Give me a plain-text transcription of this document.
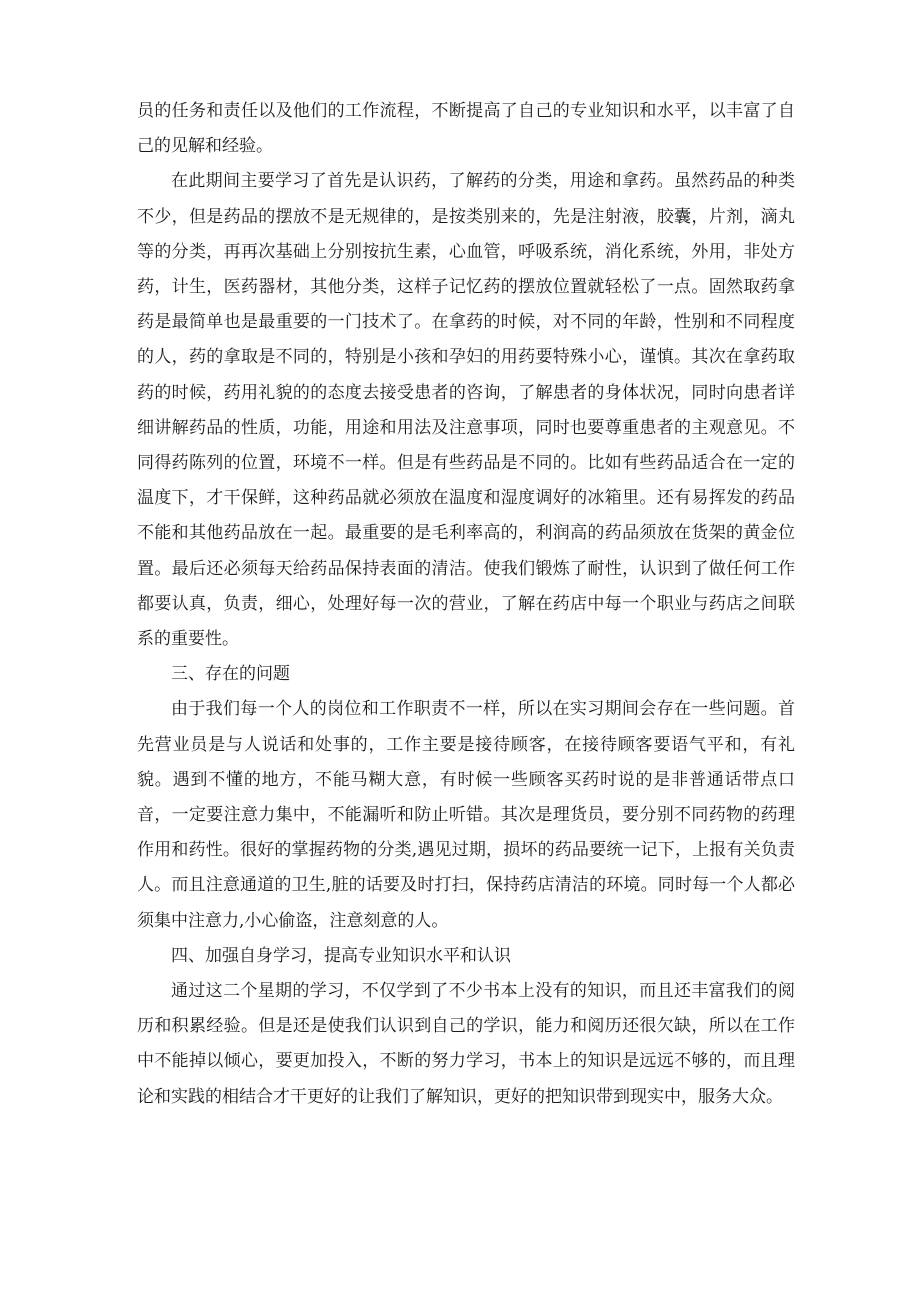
员的任务和责任以及他们的工作流程，不断提高了自己的专业知识和水平，以丰富了自己的见解和经验。

在此期间主要学习了首先是认识药，了解药的分类，用途和拿药。虽然药品的种类不少，但是药品的摆放不是无规律的，是按类别来的，先是注射液，胶囊，片剂，滴丸等的分类，再再次基础上分别按抗生素，心血管，呼吸系统，消化系统，外用，非处方药，计生，医药器材，其他分类，这样子记忆药的摆放位置就轻松了一点。固然取药拿药是最简单也是最重要的一门技术了。在拿药的时候，对不同的年龄，性别和不同程度的人，药的拿取是不同的，特别是小孩和孕妇的用药要特殊小心，谨慎。其次在拿药取药的时候，药用礼貌的的态度去接受患者的咨询，了解患者的身体状况，同时向患者详细讲解药品的性质，功能，用途和用法及注意事项，同时也要尊重患者的主观意见。不同得药陈列的位置，环境不一样。但是有些药品是不同的。比如有些药品适合在一定的温度下，才干保鲜，这种药品就必须放在温度和湿度调好的冰箱里。还有易挥发的药品不能和其他药品放在一起。最重要的是毛利率高的，利润高的药品须放在货架的黄金位置。最后还必须每天给药品保持表面的清洁。使我们锻炼了耐性，认识到了做任何工作都要认真，负责，细心，处理好每一次的营业，了解在药店中每一个职业与药店之间联系的重要性。

三、存在的问题

由于我们每一个人的岗位和工作职责不一样，所以在实习期间会存在一些问题。首先营业员是与人说话和处事的，工作主要是接待顾客，在接待顾客要语气平和，有礼貌。遇到不懂的地方，不能马糊大意，有时候一些顾客买药时说的是非普通话带点口音，一定要注意力集中，不能漏听和防止听错。其次是理货员，要分别不同药物的药理作用和药性。很好的掌握药物的分类,遇见过期，损坏的药品要统一记下，上报有关负责人。而且注意通道的卫生,脏的话要及时打扫，保持药店清洁的环境。同时每一个人都必须集中注意力,小心偷盗，注意刻意的人。

四、加强自身学习，提高专业知识水平和认识

通过这二个星期的学习，不仅学到了不少书本上没有的知识，而且还丰富我们的阅历和积累经验。但是还是使我们认识到自己的学识，能力和阅历还很欠缺，所以在工作中不能掉以倾心，要更加投入，不断的努力学习，书本上的知识是远远不够的，而且理论和实践的相结合才干更好的让我们了解知识，更好的把知识带到现实中，服务大众。
